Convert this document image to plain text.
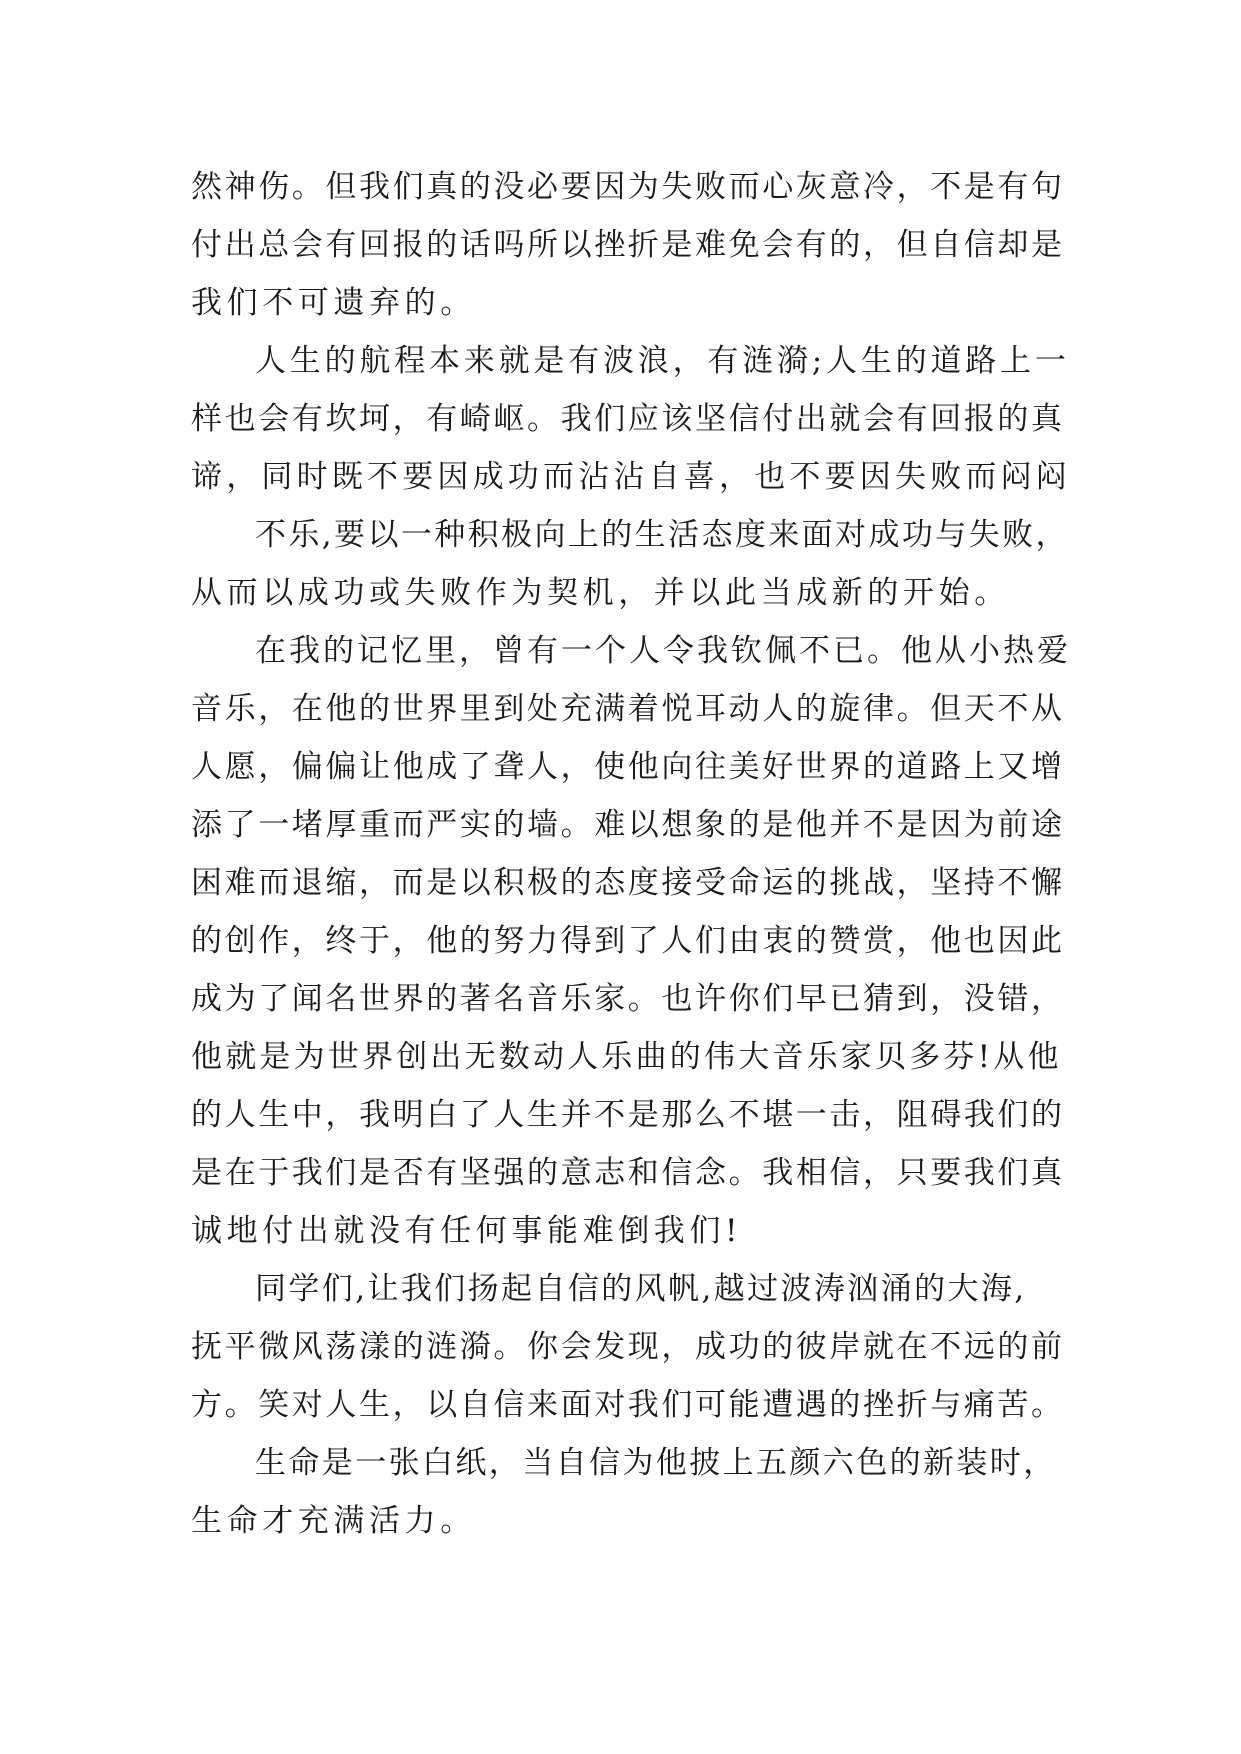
然神伤。但我们真的没必要因为失败而心灰意冷，不是有句
付出总会有回报的话吗所以挫折是难免会有的，但自信却是
我们不可遗弃的。
人生的航程本来就是有波浪，有涟漪;人生的道路上一
样也会有坎坷，有崎岖。我们应该坚信付出就会有回报的真
谛，同时既不要因成功而沾沾自喜，也不要因失败而闷闷
不乐,要以一种积极向上的生活态度来面对成功与失败，
从而以成功或失败作为契机，并以此当成新的开始。
在我的记忆里，曾有一个人令我钦佩不已。他从小热爱
音乐，在他的世界里到处充满着悦耳动人的旋律。但天不从
人愿，偏偏让他成了聋人，使他向往美好世界的道路上又增
添了一堵厚重而严实的墙。难以想象的是他并不是因为前途
困难而退缩，而是以积极的态度接受命运的挑战，坚持不懈
的创作，终于，他的努力得到了人们由衷的赞赏，他也因此
成为了闻名世界的著名音乐家。也许你们早已猜到，没错，
他就是为世界创出无数动人乐曲的伟大音乐家贝多芬!从他
的人生中，我明白了人生并不是那么不堪一击，阻碍我们的
是在于我们是否有坚强的意志和信念。我相信，只要我们真
诚地付出就没有任何事能难倒我们!
同学们,让我们扬起自信的风帆,越过波涛汹涌的大海,
抚平微风荡漾的涟漪。你会发现，成功的彼岸就在不远的前
方。笑对人生，以自信来面对我们可能遭遇的挫折与痛苦。
生命是一张白纸，当自信为他披上五颜六色的新装时，
生命才充满活力。
